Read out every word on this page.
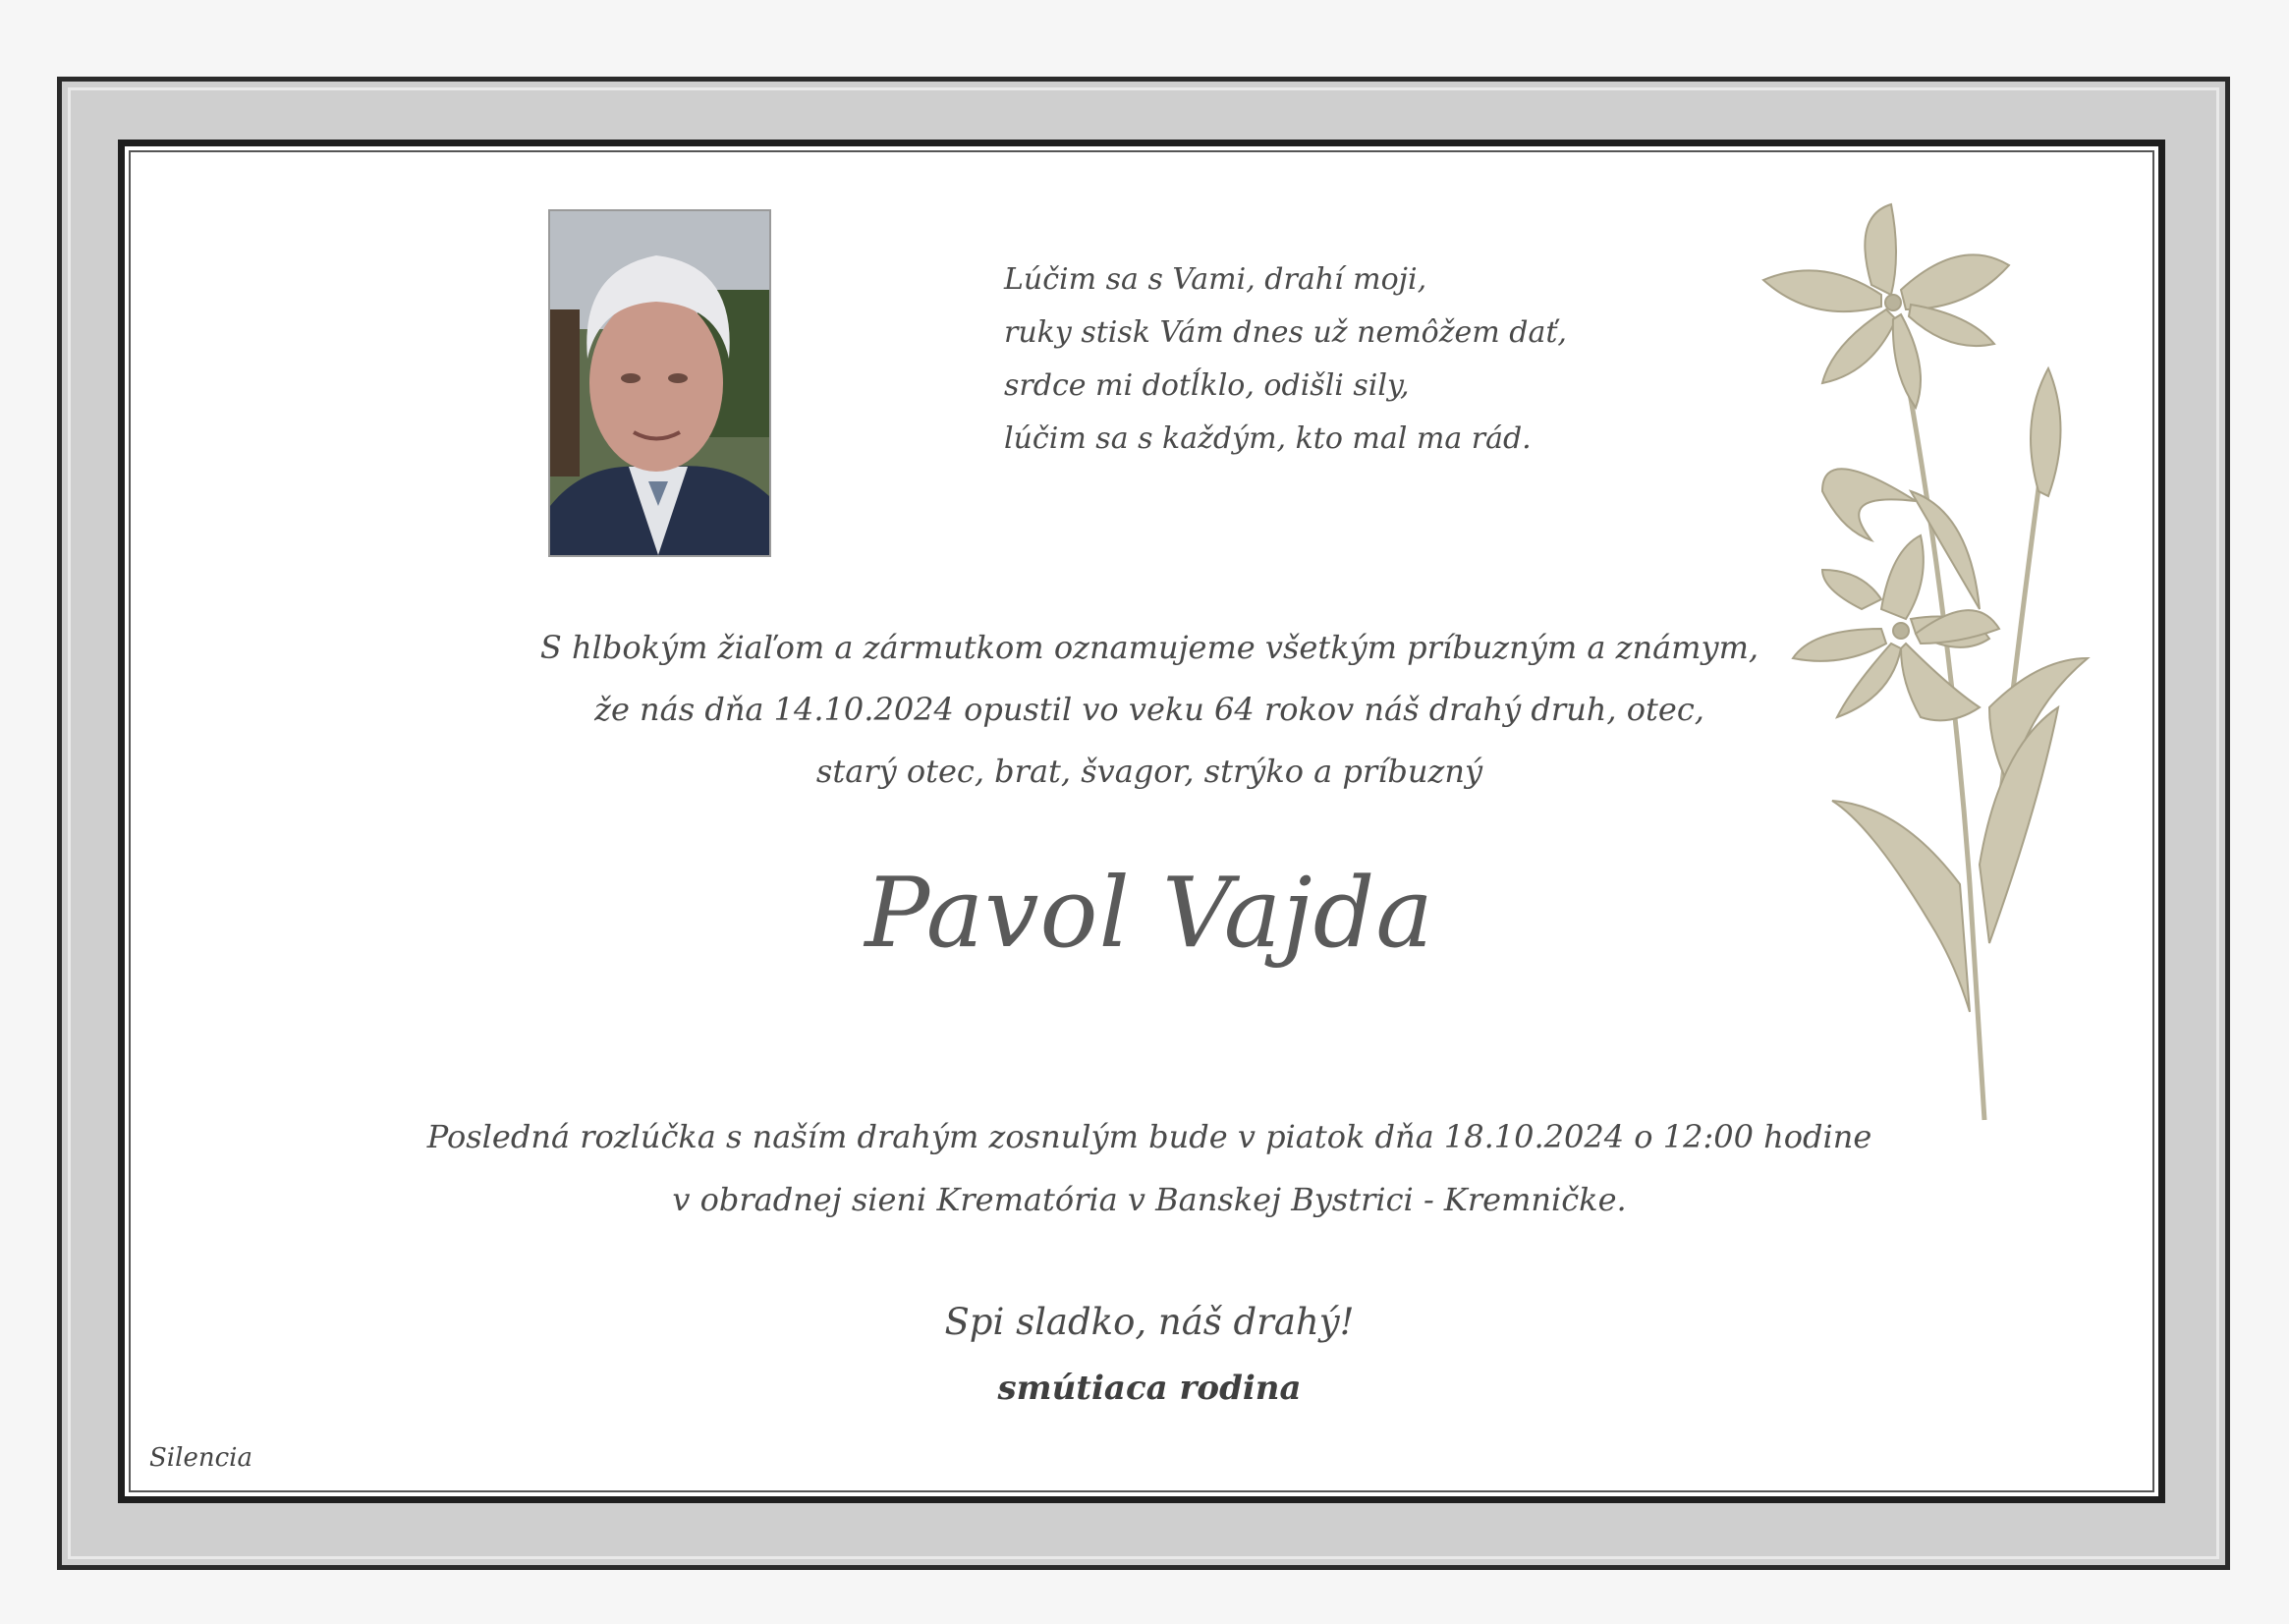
Lúčim sa s Vami, drahí moji,
ruky stisk Vám dnes už nemôžem dať,
srdce mi dotĺklo, odišli sily,
lúčim sa s každým, kto mal ma rád.
S hlbokým žiaľom a zármutkom oznamujeme všetkým príbuzným a známym,
že nás dňa 14.10.2024 opustil vo veku 64 rokov náš drahý druh, otec,
starý otec, brat, švagor, strýko a príbuzný
Pavol Vajda
Posledná rozlúčka s naším drahým zosnulým bude v piatok dňa 18.10.2024 o 12:00 hodine
v obradnej sieni Krematória v Banskej Bystrici - Kremničke.
Spi sladko, náš drahý!
smútiaca rodina
Silencia
